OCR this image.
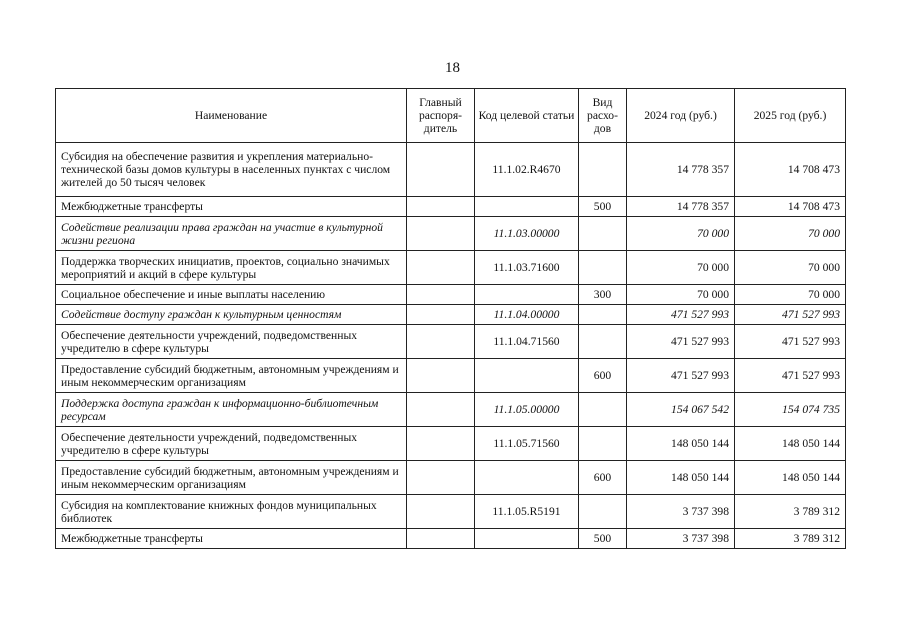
18
Наименование	Главный распоря-дитель	Код целевой статьи	Вид расхо-дов	2024 год (руб.)	2025 год (руб.)
Субсидия на обеспечение развития и укрепления материально-технической базы домов культуры в населенных пунктах с числом жителей до 50 тысяч человек		11.1.02.R4670		14 778 357	14 708 473
Межбюджетные трансферты			500	14 778 357	14 708 473
Содействие реализации права граждан на участие в культурной жизни региона		11.1.03.00000		70 000	70 000
Поддержка творческих инициатив, проектов, социально значимых мероприятий и акций в сфере культуры		11.1.03.71600		70 000	70 000
Социальное обеспечение и иные выплаты населению			300	70 000	70 000
Содействие доступу граждан к культурным ценностям		11.1.04.00000		471 527 993	471 527 993
Обеспечение деятельности учреждений, подведомственных учредителю в сфере культуры		11.1.04.71560		471 527 993	471 527 993
Предоставление субсидий бюджетным, автономным учреждениям и иным некоммерческим организациям			600	471 527 993	471 527 993
Поддержка доступа граждан к информационно-библиотечным ресурсам		11.1.05.00000		154 067 542	154 074 735
Обеспечение деятельности учреждений, подведомственных учредителю в сфере культуры		11.1.05.71560		148 050 144	148 050 144
Предоставление субсидий бюджетным, автономным учреждениям и иным некоммерческим организациям			600	148 050 144	148 050 144
Субсидия на комплектование книжных фондов муниципальных библиотек		11.1.05.R5191		3 737 398	3 789 312
Межбюджетные трансферты			500	3 737 398	3 789 312
